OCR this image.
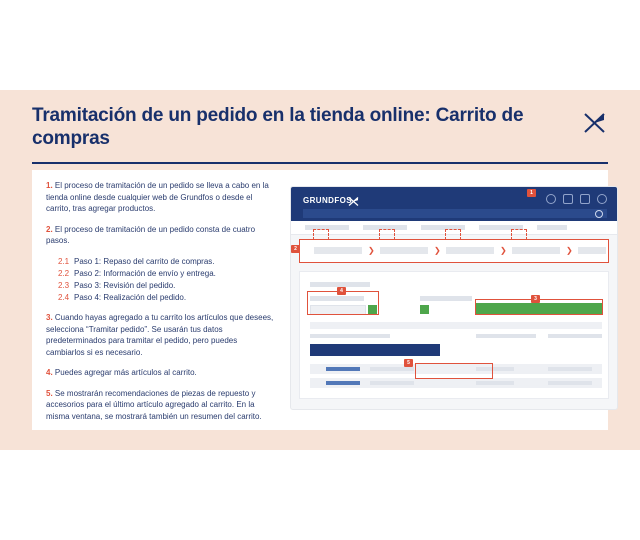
Tramitación de un pedido en la tienda online: Carrito de compras

1. El proceso de tramitación de un pedido se lleva a cabo en la tienda online desde cualquier web de Grundfos o desde el carrito, tras agregar productos.

2. El proceso de tramitación de un pedido consta de cuatro pasos.

2.1 Paso 1: Repaso del carrito de compras.
2.2 Paso 2: Información de envío y entrega.
2.3 Paso 3: Revisión del pedido.
2.4 Paso 4: Realización del pedido.

3. Cuando hayas agregado a tu carrito los artículos que desees, selecciona “Tramitar pedido”. Se usarán tus datos predeterminados para tramitar el pedido, pero puedes cambiarlos si es necesario.

4. Puedes agregar más artículos al carrito.

5. Se mostrarán recomendaciones de piezas de repuesto y accesorios para el último artículo agregado al carrito. En la misma ventana, se mostrará también un resumen del carrito.

GRUNDFOS
1
❯	❯	❯	❯
2
4
3
5
